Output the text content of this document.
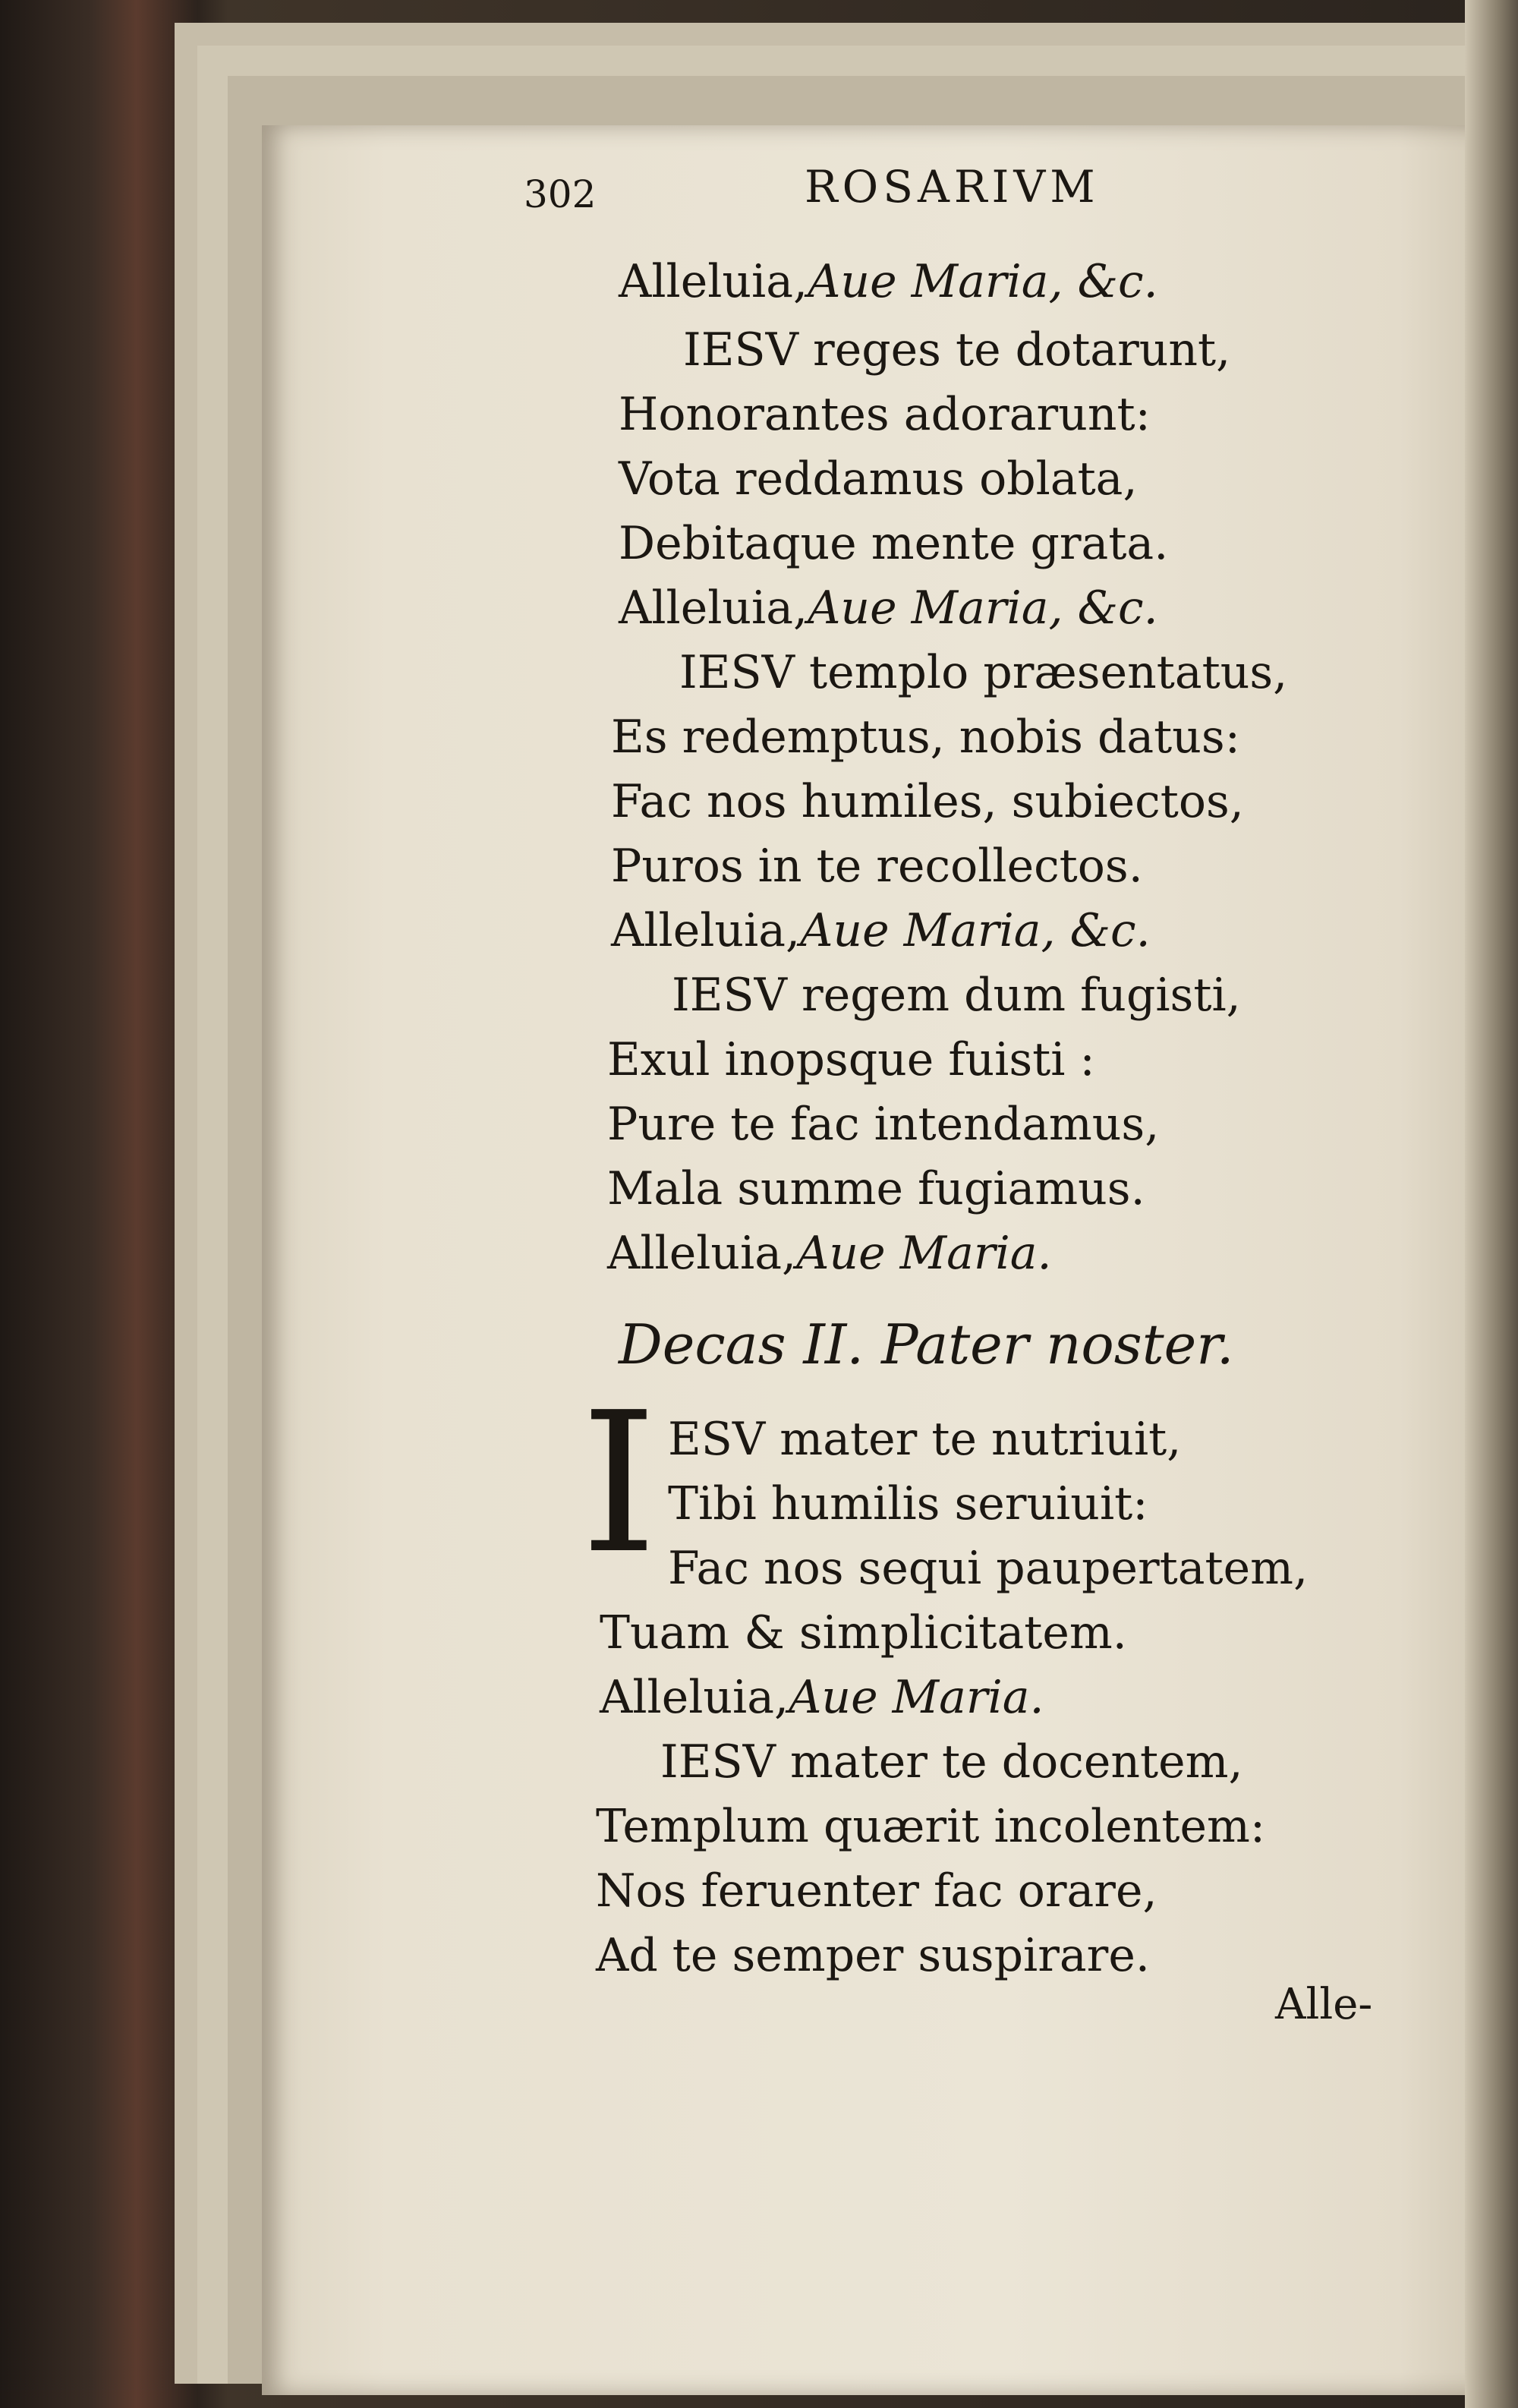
302	ROSARIVM
Alleluia,Aue Maria, &c.
IESV reges te dotarunt,
Honorantes adorarunt:
Vota reddamus oblata,
Debitaque mente grata.
Alleluia,Aue Maria, &c.
IESV templo præsentatus,
Es redemptus, nobis datus:
Fac nos humiles, subiectos,
Puros in te recollectos.
Alleluia,Aue Maria, &c.
IESV regem dum fugisti,
Exul inopsque fuisti :
Pure te fac intendamus,
Mala summe fugiamus.
Alleluia,Aue Maria.
Decas II. Pater noster.
I ESV mater te nutriuit,
Tibi humilis seruiuit:
Fac nos sequi paupertatem,
Tuam & simplicitatem.
Alleluia,Aue Maria.
IESV mater te docentem,
Templum quærit incolentem:
Nos feruenter fac orare,
Ad te semper suspirare.
Alle-
